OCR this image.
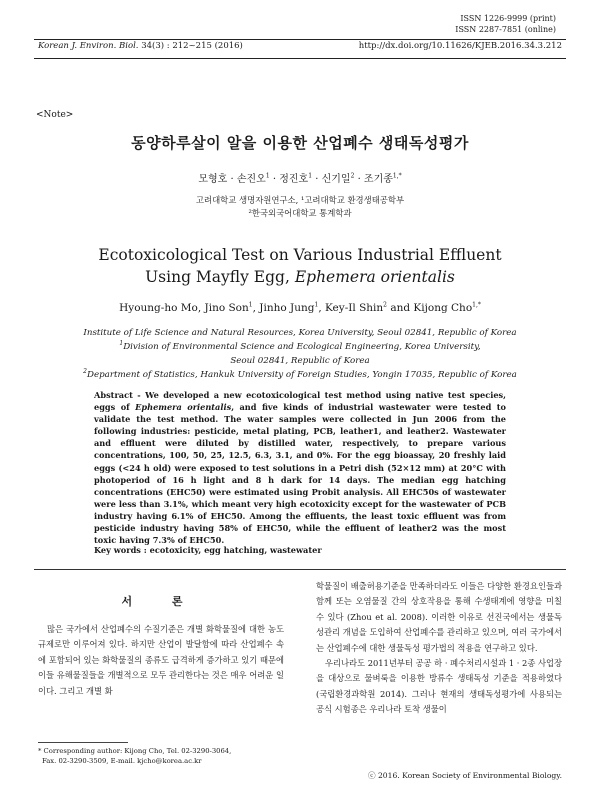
ISSN 1226-9999 (print)
ISSN 2287-7851 (online)
Korean J. Environ. Biol. 34(3) : 212~215 (2016)	http://dx.doi.org/10.11626/KJEB.2016.34.3.212
<Note>
동양하루살이 알을 이용한 산업폐수 생태독성평가
모형호 · 손진오$^1$ · 정진호$^1$ · 신기일$^2$ · 조기종$^{1,*}$
고려대학교 생명자원연구소, ¹고려대학교 환경생태공학부
²한국외국어대학교 통계학과
Ecotoxicological Test on Various Industrial Effluent
Using Mayfly Egg, Ephemera orientalis
Hyoung-ho Mo, Jino Son$^1$, Jinho Jung$^1$, Key-Il Shin$^2$ and Kijong Cho$^{1,*}$
Institute of Life Science and Natural Resources, Korea University, Seoul 02841, Republic of Korea
$^1$Division of Environmental Science and Ecological Engineering, Korea University,
Seoul 02841, Republic of Korea
$^2$Department of Statistics, Hankuk University of Foreign Studies, Yongin 17035, Republic of Korea
Abstract - We developed a new ecotoxicological test method using native test species, eggs of Ephemera orientalis, and five kinds of industrial wastewater were tested to validate the test method. The water samples were collected in Jun 2006 from the following industries: pesticide, metal plating, PCB, leather1, and leather2. Wastewater and effluent were diluted by distilled water, respectively, to prepare various concentrations, 100, 50, 25, 12.5, 6.3, 3.1, and 0%. For the egg bioassay, 20 freshly laid eggs (<24 h old) were exposed to test solutions in a Petri dish (52×12 mm) at 20°C with photoperiod of 16 h light and 8 h dark for 14 days. The median egg hatching concentrations (EHC50) were estimated using Probit analysis. All EHC50s of wastewater were less than 3.1%, which meant very high ecotoxicity except for the wastewater of PCB industry having 6.1% of EHC50. Among the effluents, the least toxic effluent was from pesticide industry having 58% of EHC50, while the effluent of leather2 was the most toxic having 7.3% of EHC50.
Key words : ecotoxicity, egg hatching, wastewater
서 론
많은 국가에서 산업폐수의 수질기준은 개별 화학물질에 대한 농도규제로만 이루어져 있다. 하지만 산업이 발달함에 따라 산업폐수 속에 포함되어 있는 화학물질의 종류도 급격하게 증가하고 있기 때문에 이들 유해물질들을 개별적으로 모두 관리한다는 것은 매우 어려운 일이다. 그리고 개별 화
학물질이 배출허용기준을 만족하더라도 이들은 다양한 환경요인들과 함께 또는 오염물질 간의 상호작용을 통해 수생태계에 영향을 미칠 수 있다 (Zhou et al. 2008). 이러한 이유로 선진국에서는 생물독성관리 개념을 도입하여 산업폐수를 관리하고 있으며, 여러 국가에서는 산업폐수에 대한 생물독성 평가법의 적용을 연구하고 있다.
우리나라도 2011년부터 공공 하 · 폐수처리시설과 1 · 2종 사업장을 대상으로 물벼룩을 이용한 방류수 생태독성 기준을 적용하였다 (국립환경과학원 2014). 그러나 현재의 생태독성평가에 사용되는 공식 시험종은 우리나라 토착 생물이
* Corresponding author: Kijong Cho, Tel. 02-3290-3064,
Fax. 02-3290-3509, E-mail. kjcho@korea.ac.kr
ⓒ 2016. Korean Society of Environmental Biology.
